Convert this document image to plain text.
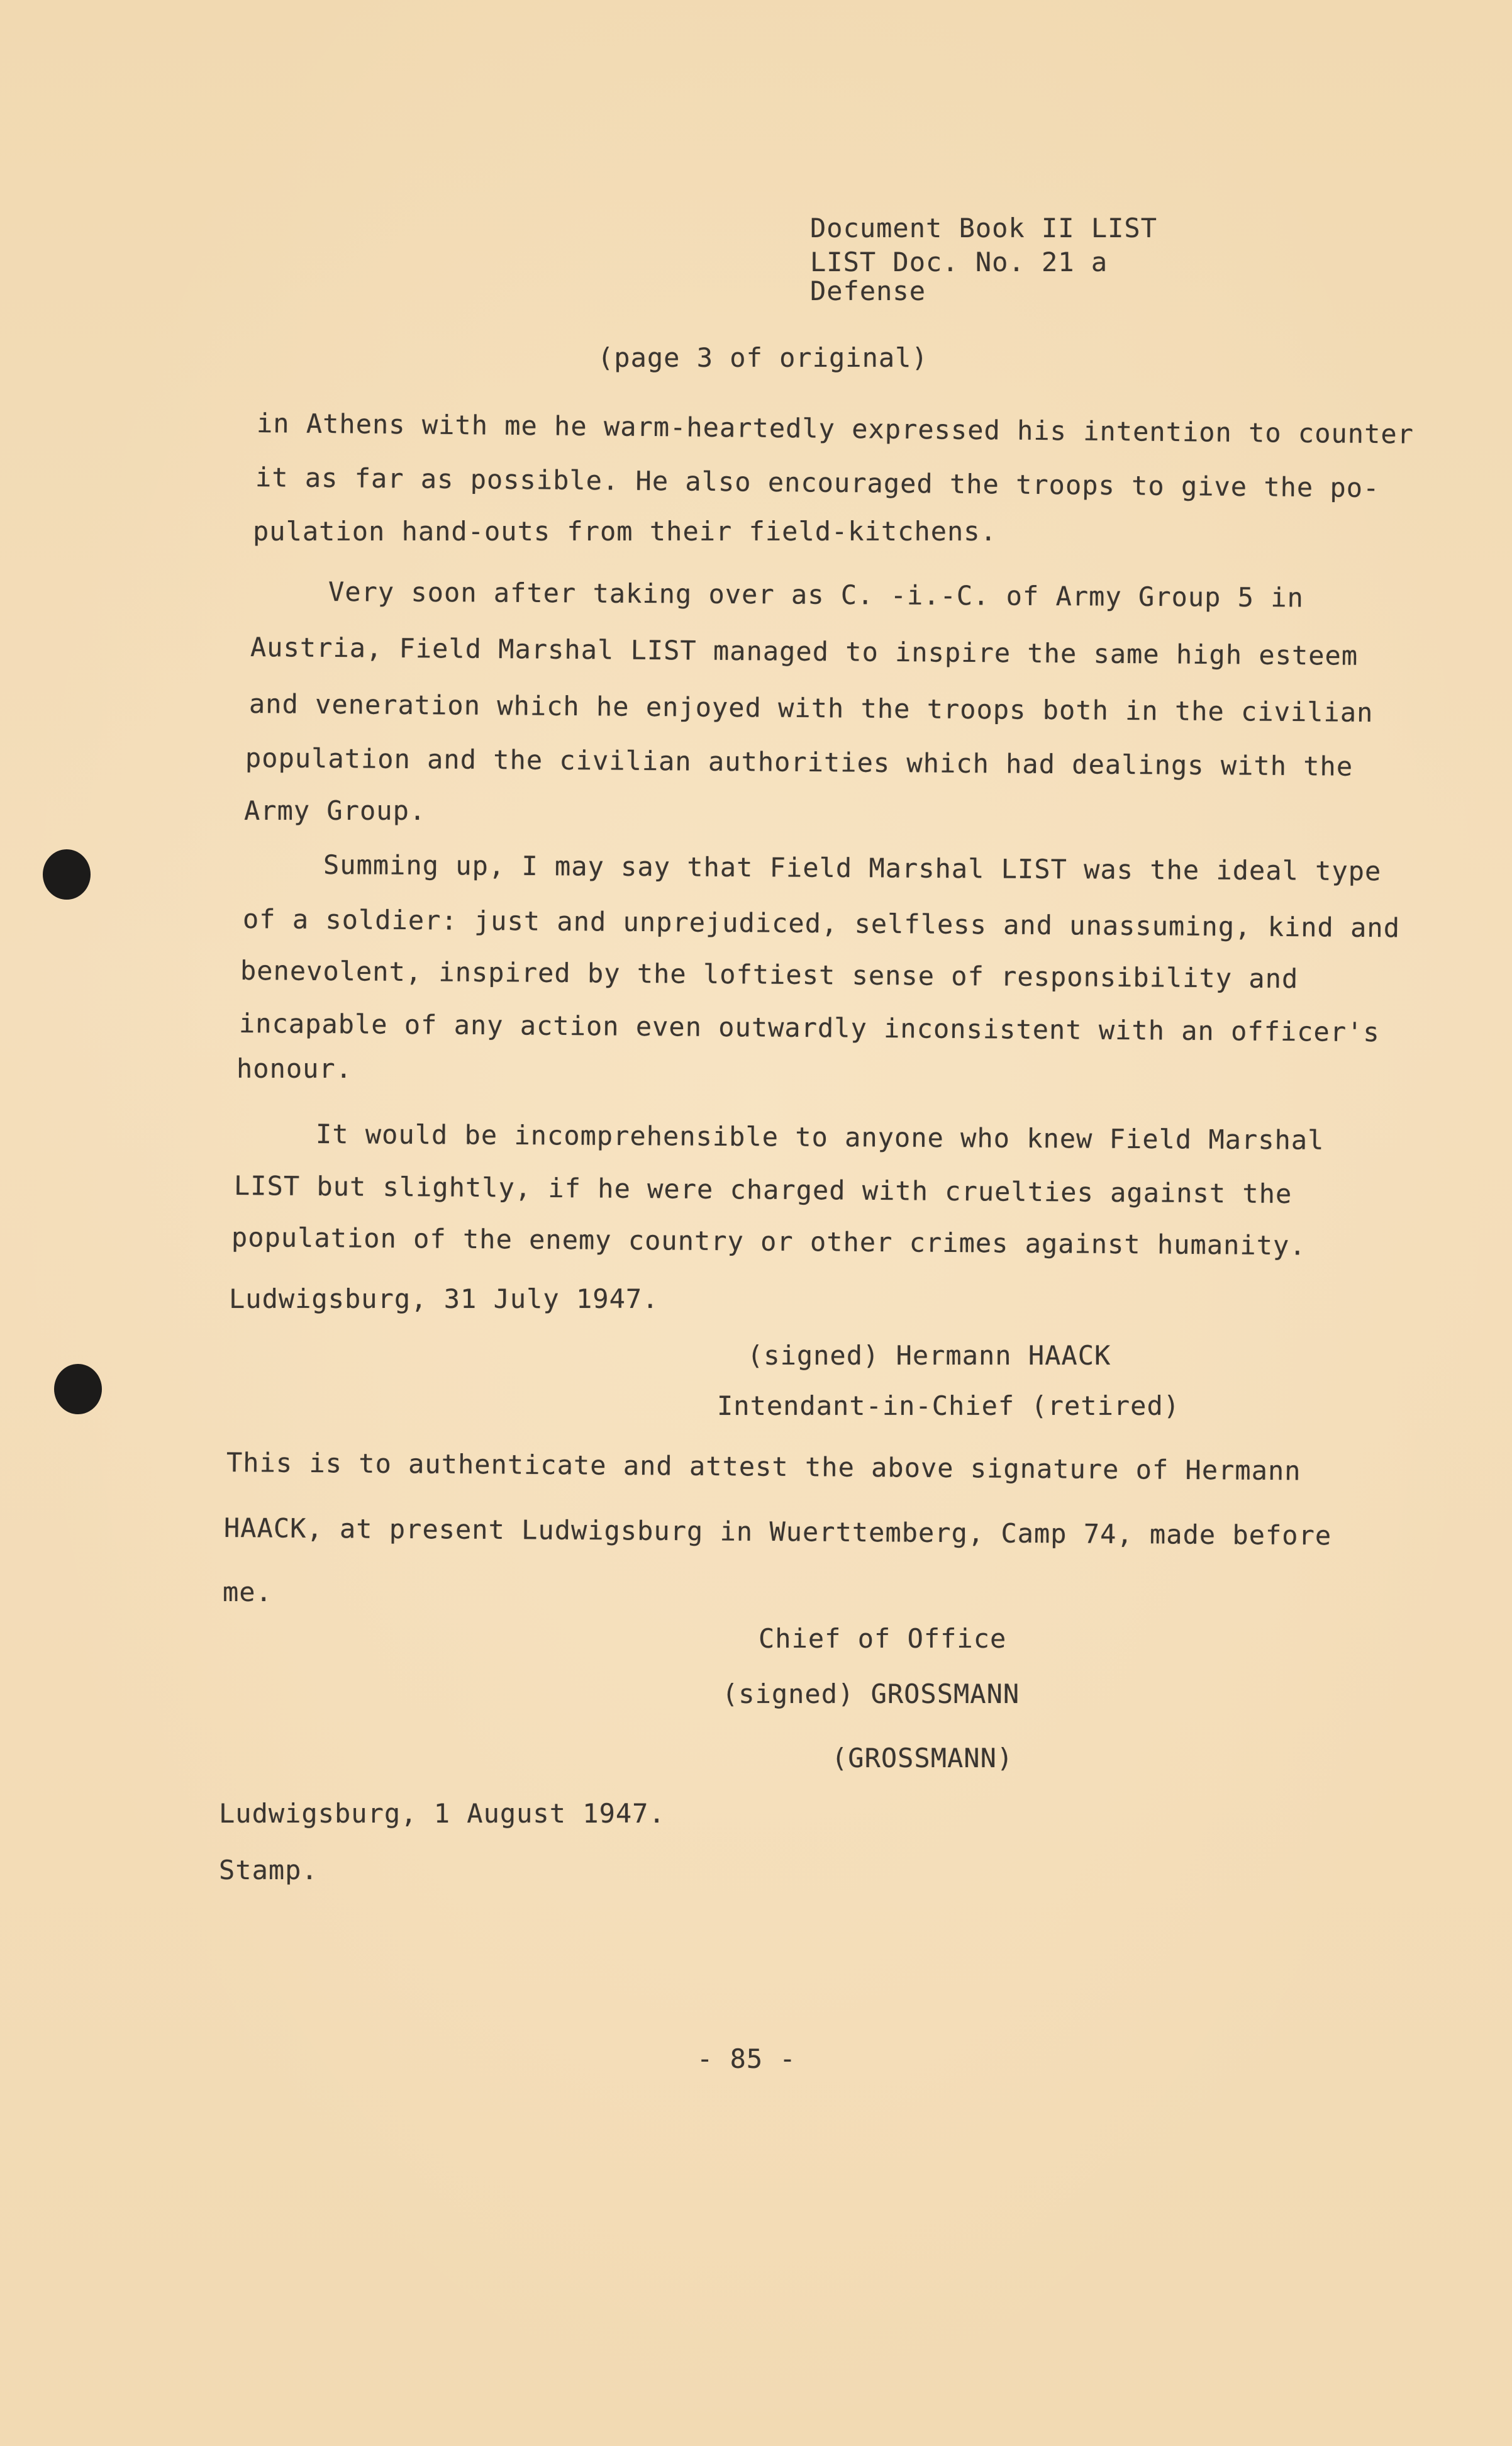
Document Book II LIST
LIST Doc. No. 21 a
Defense
(page 3 of original)
in Athens with me he warm-heartedly expressed his intention to counter
it as far as possible. He also encouraged the troops to give the po-
pulation hand-outs from their field-kitchens.
Very soon after taking over as C. -i.-C. of Army Group 5 in
Austria, Field Marshal LIST managed to inspire the same high esteem
and veneration which he enjoyed with the troops both in the civilian
population and the civilian authorities which had dealings with the
Army Group.
Summing up, I may say that Field Marshal LIST was the ideal type
of a soldier: just and unprejudiced, selfless and unassuming, kind and
benevolent, inspired by the loftiest sense of responsibility and
incapable of any action even outwardly inconsistent with an officer's
honour.
It would be incomprehensible to anyone who knew Field Marshal
LIST but slightly, if he were charged with cruelties against the
population of the enemy country or other crimes against humanity.
Ludwigsburg, 31 July 1947.
(signed) Hermann HAACK
Intendant-in-Chief (retired)
This is to authenticate and attest the above signature of Hermann
HAACK, at present Ludwigsburg in Wuerttemberg, Camp 74, made before
me.
Chief of Office
(signed) GROSSMANN
(GROSSMANN)
Ludwigsburg, 1 August 1947.
Stamp.
- 85 -
